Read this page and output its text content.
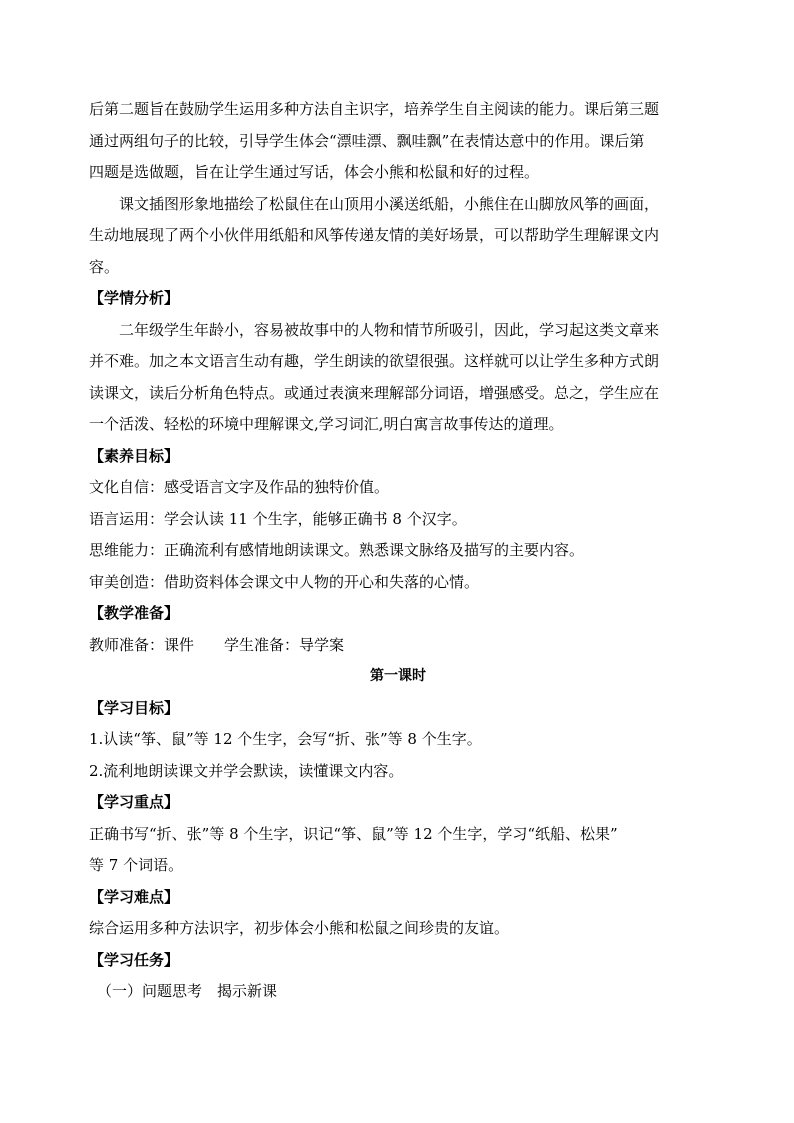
后第二题旨在鼓励学生运用多种方法自主识字，培养学生自主阅读的能力。课后第三题
通过两组句子的比较，引导学生体会“漂哇漂、飘哇飘”在表情达意中的作用。课后第
四题是选做题，旨在让学生通过写话，体会小熊和松鼠和好的过程。
课文插图形象地描绘了松鼠住在山顶用小溪送纸船，小熊住在山脚放风筝的画面，
生动地展现了两个小伙伴用纸船和风筝传递友情的美好场景，可以帮助学生理解课文内
容。
【学情分析】
二年级学生年龄小，容易被故事中的人物和情节所吸引，因此，学习起这类文章来
并不难。加之本文语言生动有趣，学生朗读的欲望很强。这样就可以让学生多种方式朗
读课文，读后分析角色特点。或通过表演来理解部分词语，增强感受。总之，学生应在
一个活泼、轻松的环境中理解课文,学习词汇,明白寓言故事传达的道理。
【素养目标】
文化自信：感受语言文字及作品的独特价值。
语言运用：学会认读 11 个生字，能够正确书 8 个汉字。
思维能力：正确流利有感情地朗读课文。熟悉课文脉络及描写的主要内容。
审美创造：借助资料体会课文中人物的开心和失落的心情。
【教学准备】
教师准备：课件　　学生准备：导学案
第一课时
【学习目标】
1.认读“筝、鼠”等 12 个生字，会写“折、张”等 8 个生字。
2.流利地朗读课文并学会默读，读懂课文内容。
【学习重点】
正确书写“折、张”等 8 个生字，识记“筝、鼠”等 12 个生字，学习“纸船、松果”
等 7 个词语。
【学习难点】
综合运用多种方法识字，初步体会小熊和松鼠之间珍贵的友谊。
【学习任务】
（一）问题思考　揭示新课
